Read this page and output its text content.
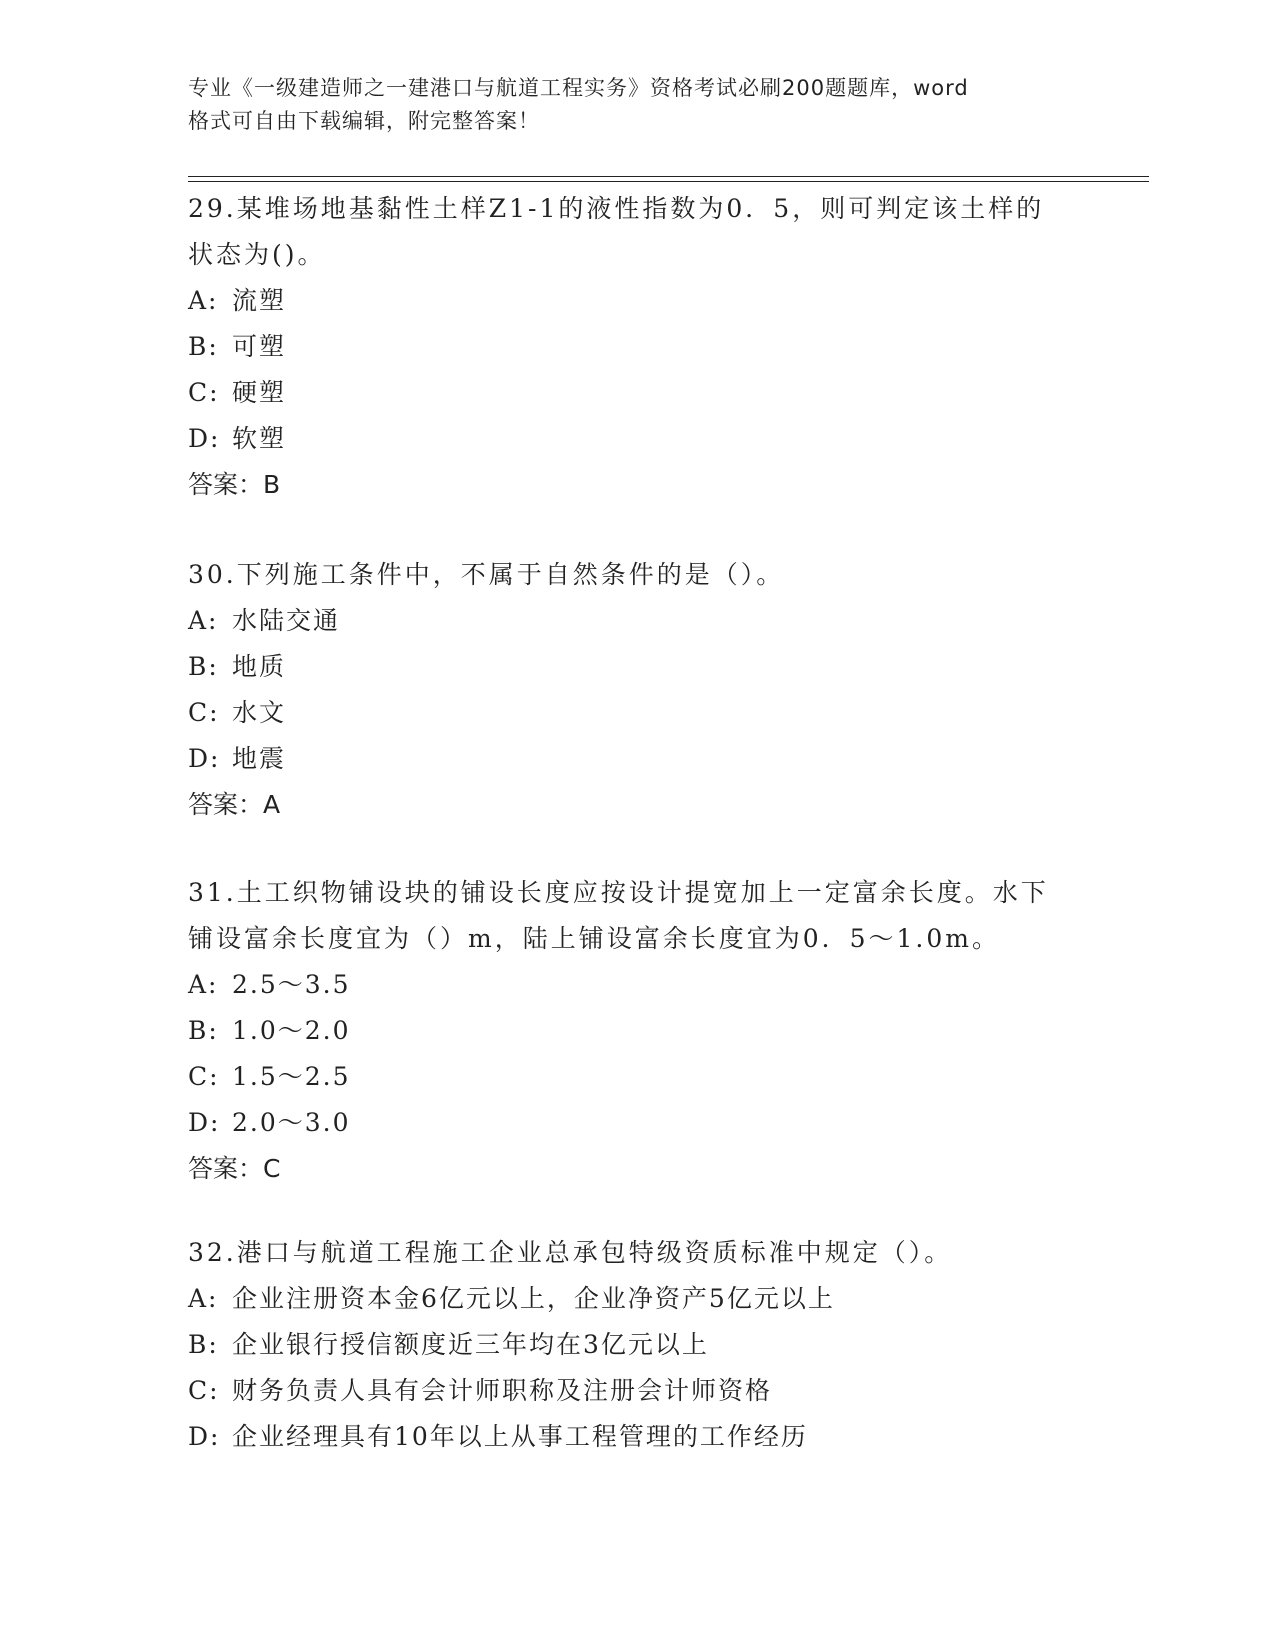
专业《一级建造师之一建港口与航道工程实务》资格考试必刷200题题库，word
格式可自由下载编辑，附完整答案！

29.某堆场地基黏性土样Z1-1的液性指数为0．5，则可判定该土样的状态为()。

A: 流塑

B: 可塑

C: 硬塑

D: 软塑

答案：B

30.下列施工条件中，不属于自然条件的是（）。

A: 水陆交通

B: 地质

C: 水文

D: 地震

答案：A

31.土工织物铺设块的铺设长度应按设计提宽加上一定富余长度。水下铺设富余长度宜为（）m，陆上铺设富余长度宜为0．5～1.0m。

A: 2.5～3.5

B: 1.0～2.0

C: 1.5～2.5

D: 2.0～3.0

答案：C

32.港口与航道工程施工企业总承包特级资质标准中规定（）。

A: 企业注册资本金6亿元以上，企业净资产5亿元以上

B: 企业银行授信额度近三年均在3亿元以上

C: 财务负责人具有会计师职称及注册会计师资格

D: 企业经理具有10年以上从事工程管理的工作经历
